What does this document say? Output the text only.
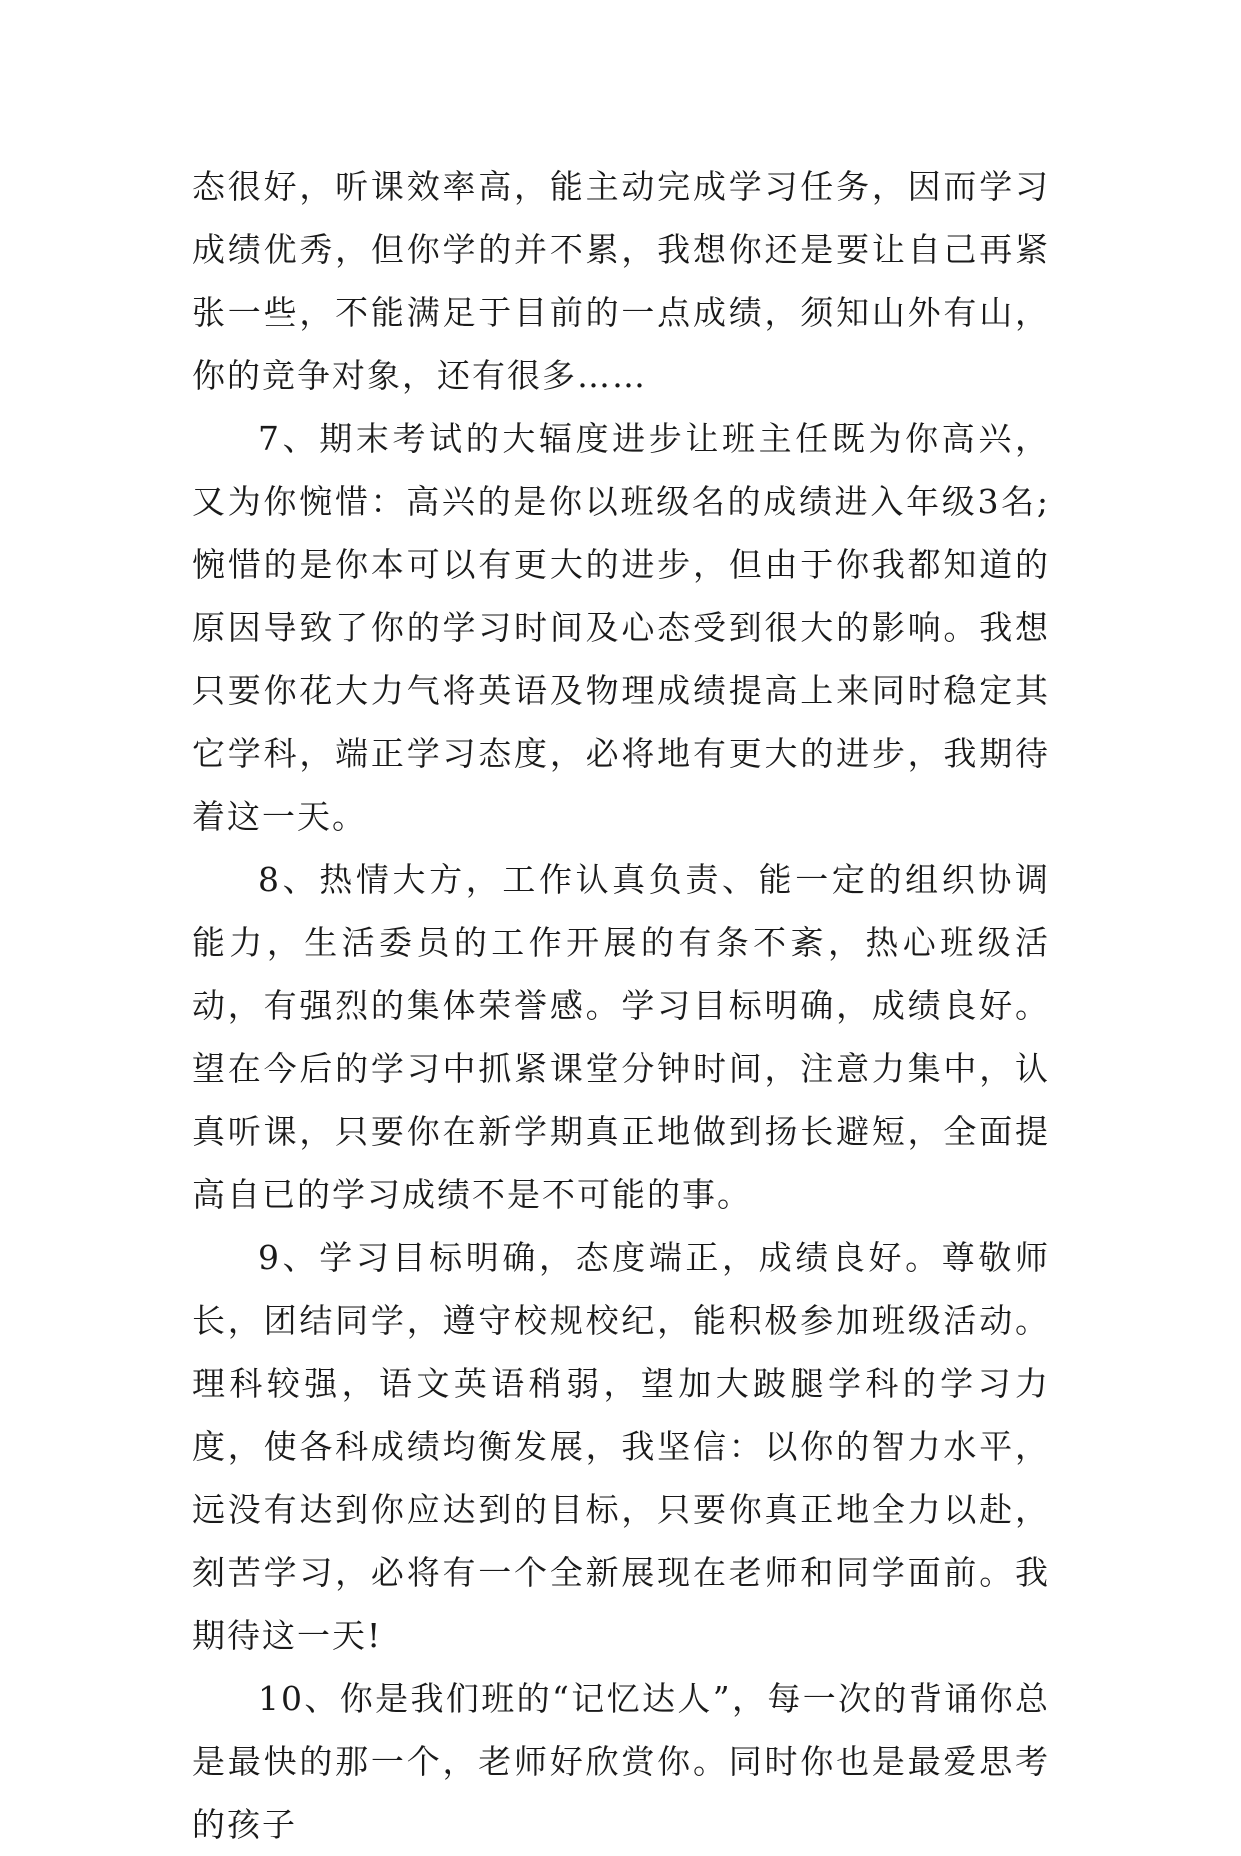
态很好，听课效率高，能主动完成学习任务，因而学习成绩优秀，但你学的并不累，我想你还是要让自己再紧张一些，不能满足于目前的一点成绩，须知山外有山，你的竞争对象，还有很多……

7、期末考试的大辐度进步让班主任既为你高兴，又为你惋惜：高兴的是你以班级名的成绩进入年级3名;惋惜的是你本可以有更大的进步，但由于你我都知道的原因导致了你的学习时间及心态受到很大的影响。我想只要你花大力气将英语及物理成绩提高上来同时稳定其它学科，端正学习态度，必将地有更大的进步，我期待着这一天。

8、热情大方，工作认真负责、能一定的组织协调能力，生活委员的工作开展的有条不紊，热心班级活动，有强烈的集体荣誉感。学习目标明确，成绩良好。望在今后的学习中抓紧课堂分钟时间，注意力集中，认真听课，只要你在新学期真正地做到扬长避短，全面提高自已的学习成绩不是不可能的事。

9、学习目标明确，态度端正，成绩良好。尊敬师长，团结同学，遵守校规校纪，能积极参加班级活动。理科较强，语文英语稍弱，望加大跛腿学科的学习力度，使各科成绩均衡发展，我坚信：以你的智力水平，远没有达到你应达到的目标，只要你真正地全力以赴，刻苦学习，必将有一个全新展现在老师和同学面前。我期待这一天!

10、你是我们班的“记忆达人”，每一次的背诵你总是最快的那一个，老师好欣赏你。同时你也是最爱思考的孩子
